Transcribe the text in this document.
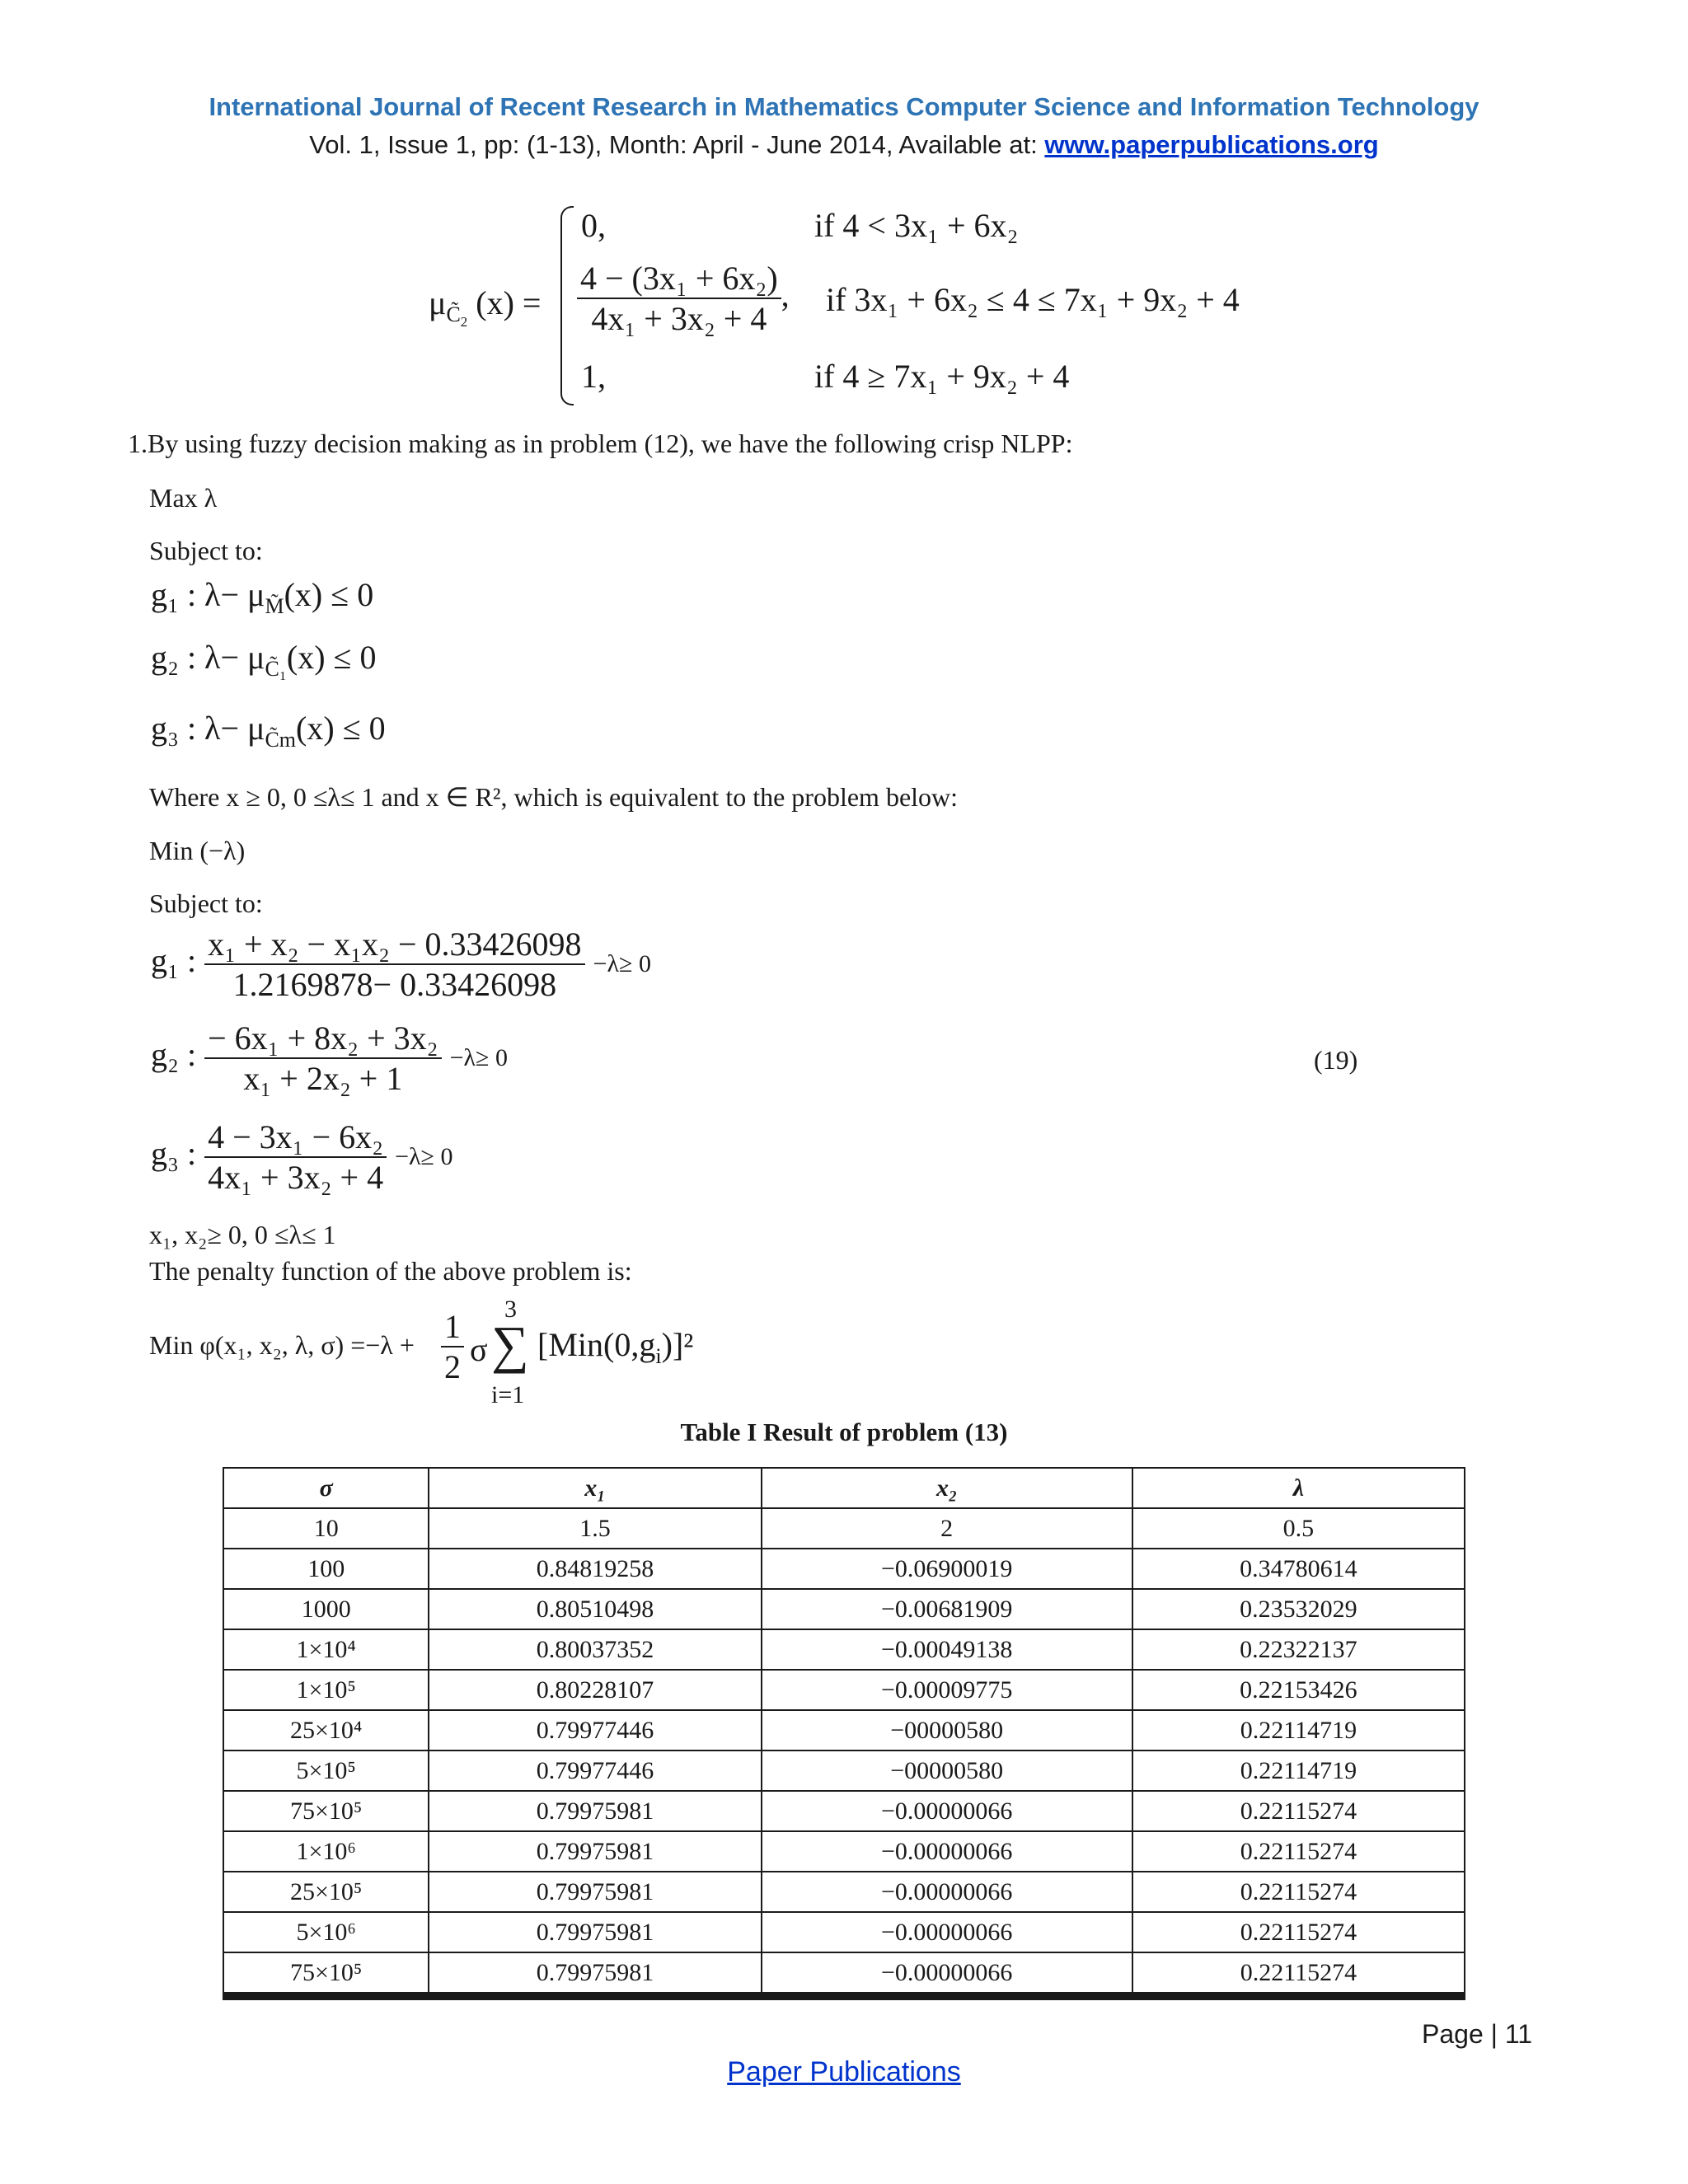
International Journal of Recent Research in Mathematics Computer Science and Information Technology
Vol. 1, Issue 1, pp: (1-13), Month: April - June 2014, Available at: www.paperpublications.org
$\mu_{C̃_2}$ (x) =
0,	if 4 < 3x₁ + 6x₂
$\frac{\text{4 − (3x₁ + 6x₂)}}{\text{4x₁ + 3x₂ + 4}}$ , if 3x₁ + 6x₂ ≤ 4 ≤ 7x₁ + 9x₂ + 4
1,	if 4 ≥ 7x₁ + 9x₂ + 4
1.By using fuzzy decision making as in problem (12), we have the following crisp NLPP:
Max λ
Subject to:
g₁ : $\lambda- \mu_{M̃}(x) \le 0$
g₂ : $\lambda- \mu_{C̃_1}(x) \le 0$
g₃ : $\lambda- \mu_{C̃m}(x) \le 0$
Where x ≥ 0, 0 ≤λ≤ 1 and x ∈ R², which is equivalent to the problem below:
Min (−λ)
Subject to:
g₁ : $\frac{\text{x₁ + x₂ − x₁x₂ − 0.33426098}}{1.2169878- 0.33426098} -\lambda\ge 0$
g₂ : $\frac{\text{− 6x₁ + 8x₂ + 3x₂}}{\text{x₁ + 2x₂ + 1}} -\lambda\ge 0$	(19)
g₃ : $\frac{\text{4 − 3x₁ − 6x₂}}{\text{4x₁ + 3x₂ + 4}} -\lambda\ge 0$
x₁, x₂≥ 0, 0 ≤λ≤ 1
The penalty function of the above problem is:
Min φ(x₁, x₂, λ, $\sigma) =-\lambda + \frac{1}{2}$ σ
3
∑
i=1
$[Min(0,g_i)]^2$
Table I Result of problem (13)
σ	x₁	x₂	λ
10	1.5	2	0.5
100	0.84819258	−0.06900019	0.34780614
1000	0.80510498	−0.00681909	0.23532029
1×10⁴	0.80037352	−0.00049138	0.22322137
1×10⁵	0.80228107	−0.00009775	0.22153426
25×10⁴	0.79977446	−00000580	0.22114719
5×10⁵	0.79977446	−00000580	0.22114719
75×10⁵	0.79975981	−0.00000066	0.22115274
1×10⁶	0.79975981	−0.00000066	0.22115274
25×10⁵	0.79975981	−0.00000066	0.22115274
5×10⁶	0.79975981	−0.00000066	0.22115274
75×10⁵	0.79975981	−0.00000066	0.22115274
Page | 11
Paper Publications
